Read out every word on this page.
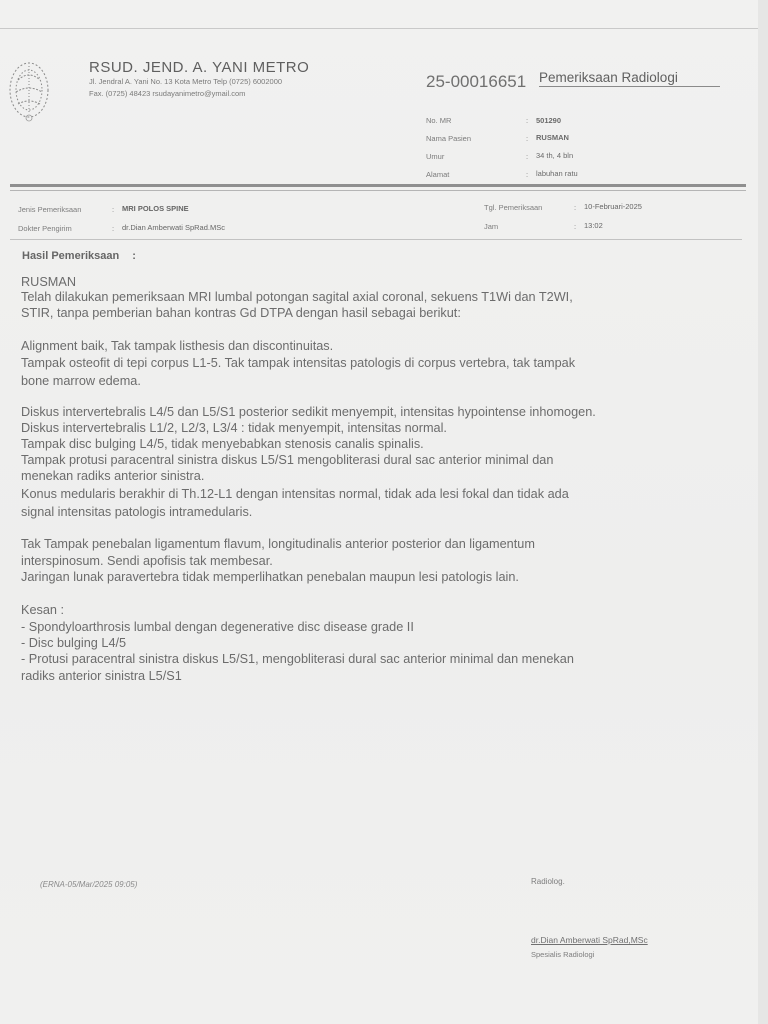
RSUD. JEND. A. YANI METRO
Jl. Jendral A. Yani No. 13 Kota Metro Telp (0725) 6002000
Fax. (0725) 48423 rsudayanimetro@ymail.com
25-00016651 Pemeriksaan Radiologi
No. MR	: 501290
Nama Pasien	: RUSMAN
Umur	: 34 th, 4 bln
Alamat	: labuhan ratu
Jenis Pemeriksaan	: MRI POLOS SPINE
Dokter Pengirim	: dr.Dian Amberwati SpRad.MSc
Tgl. Pemeriksaan	: 10-Februari-2025
Jam	: 13:02
Hasil Pemeriksaan :
RUSMAN
Telah dilakukan pemeriksaan MRI lumbal potongan sagital axial coronal, sekuens T1Wi dan T2WI,
STIR, tanpa pemberian bahan kontras Gd DTPA dengan hasil sebagai berikut:
Alignment baik, Tak tampak listhesis dan discontinuitas.
Tampak osteofit di tepi corpus L1-5. Tak tampak intensitas patologis di corpus vertebra, tak tampak
bone marrow edema.
Diskus intervertebralis L4/5 dan L5/S1 posterior sedikit menyempit, intensitas hypointense inhomogen.
Diskus intervertebralis L1/2, L2/3, L3/4 : tidak menyempit, intensitas normal.
Tampak disc bulging L4/5, tidak menyebabkan stenosis canalis spinalis.
Tampak protusi paracentral sinistra diskus L5/S1 mengobliterasi dural sac anterior minimal dan
menekan radiks anterior sinistra.
Konus medularis berakhir di Th.12-L1 dengan intensitas normal, tidak ada lesi fokal dan tidak ada
signal intensitas patologis intramedularis.
Tak Tampak penebalan ligamentum flavum, longitudinalis anterior posterior dan ligamentum
interspinosum. Sendi apofisis tak membesar.
Jaringan lunak paravertebra tidak memperlihatkan penebalan maupun lesi patologis lain.
Kesan :
- Spondyloarthrosis lumbal dengan degenerative disc disease grade II
- Disc bulging L4/5
- Protusi paracentral sinistra diskus L5/S1, mengobliterasi dural sac anterior minimal dan menekan
radiks anterior sinistra L5/S1
(ERNA-05/Mar/2025 09:05)	Radiolog.
dr.Dian Amberwati SpRad,MSc
Spesialis Radiologi
